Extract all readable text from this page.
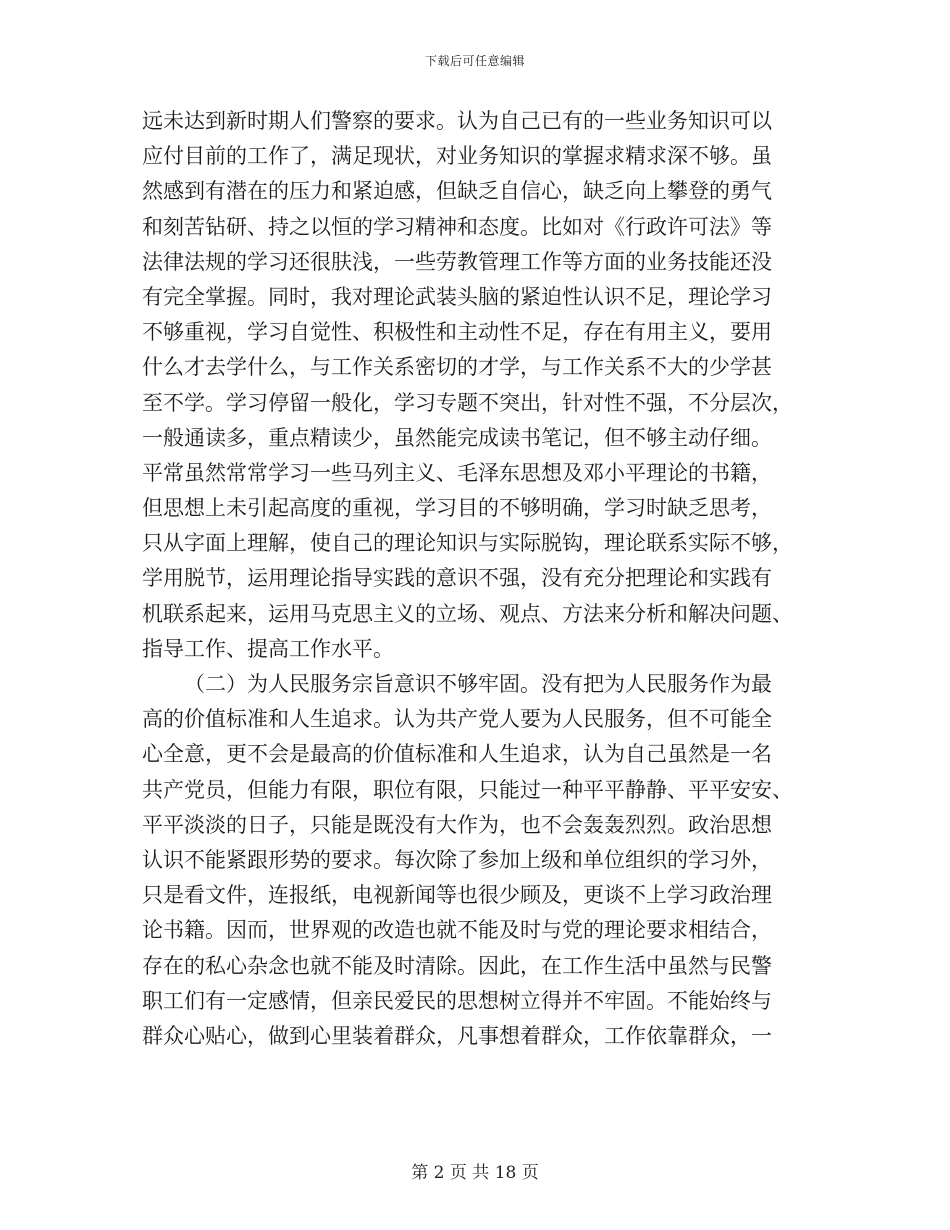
下载后可任意编辑
远未达到新时期人们警察的要求。认为自己已有的一些业务知识可以
应付目前的工作了，满足现状，对业务知识的掌握求精求深不够。虽
然感到有潜在的压力和紧迫感，但缺乏自信心，缺乏向上攀登的勇气
和刻苦钻研、持之以恒的学习精神和态度。比如对《行政许可法》等
法律法规的学习还很肤浅，一些劳教管理工作等方面的业务技能还没
有完全掌握。同时，我对理论武装头脑的紧迫性认识不足，理论学习
不够重视，学习自觉性、积极性和主动性不足，存在有用主义，要用
什么才去学什么，与工作关系密切的才学，与工作关系不大的少学甚
至不学。学习停留一般化，学习专题不突出，针对性不强，不分层次，
一般通读多，重点精读少，虽然能完成读书笔记，但不够主动仔细。
平常虽然常常学习一些马列主义、毛泽东思想及邓小平理论的书籍，
但思想上未引起高度的重视，学习目的不够明确，学习时缺乏思考，
只从字面上理解，使自己的理论知识与实际脱钩，理论联系实际不够，
学用脱节，运用理论指导实践的意识不强，没有充分把理论和实践有
机联系起来，运用马克思主义的立场、观点、方法来分析和解决问题、
指导工作、提高工作水平。
（二）为人民服务宗旨意识不够牢固。没有把为人民服务作为最
高的价值标准和人生追求。认为共产党人要为人民服务，但不可能全
心全意，更不会是最高的价值标准和人生追求，认为自己虽然是一名
共产党员，但能力有限，职位有限，只能过一种平平静静、平平安安、
平平淡淡的日子，只能是既没有大作为，也不会轰轰烈烈。政治思想
认识不能紧跟形势的要求。每次除了参加上级和单位组织的学习外，
只是看文件，连报纸，电视新闻等也很少顾及，更谈不上学习政治理
论书籍。因而，世界观的改造也就不能及时与党的理论要求相结合，
存在的私心杂念也就不能及时清除。因此，在工作生活中虽然与民警
职工们有一定感情，但亲民爱民的思想树立得并不牢固。不能始终与
群众心贴心，做到心里装着群众，凡事想着群众，工作依靠群众，一
第 2 页 共 18 页
